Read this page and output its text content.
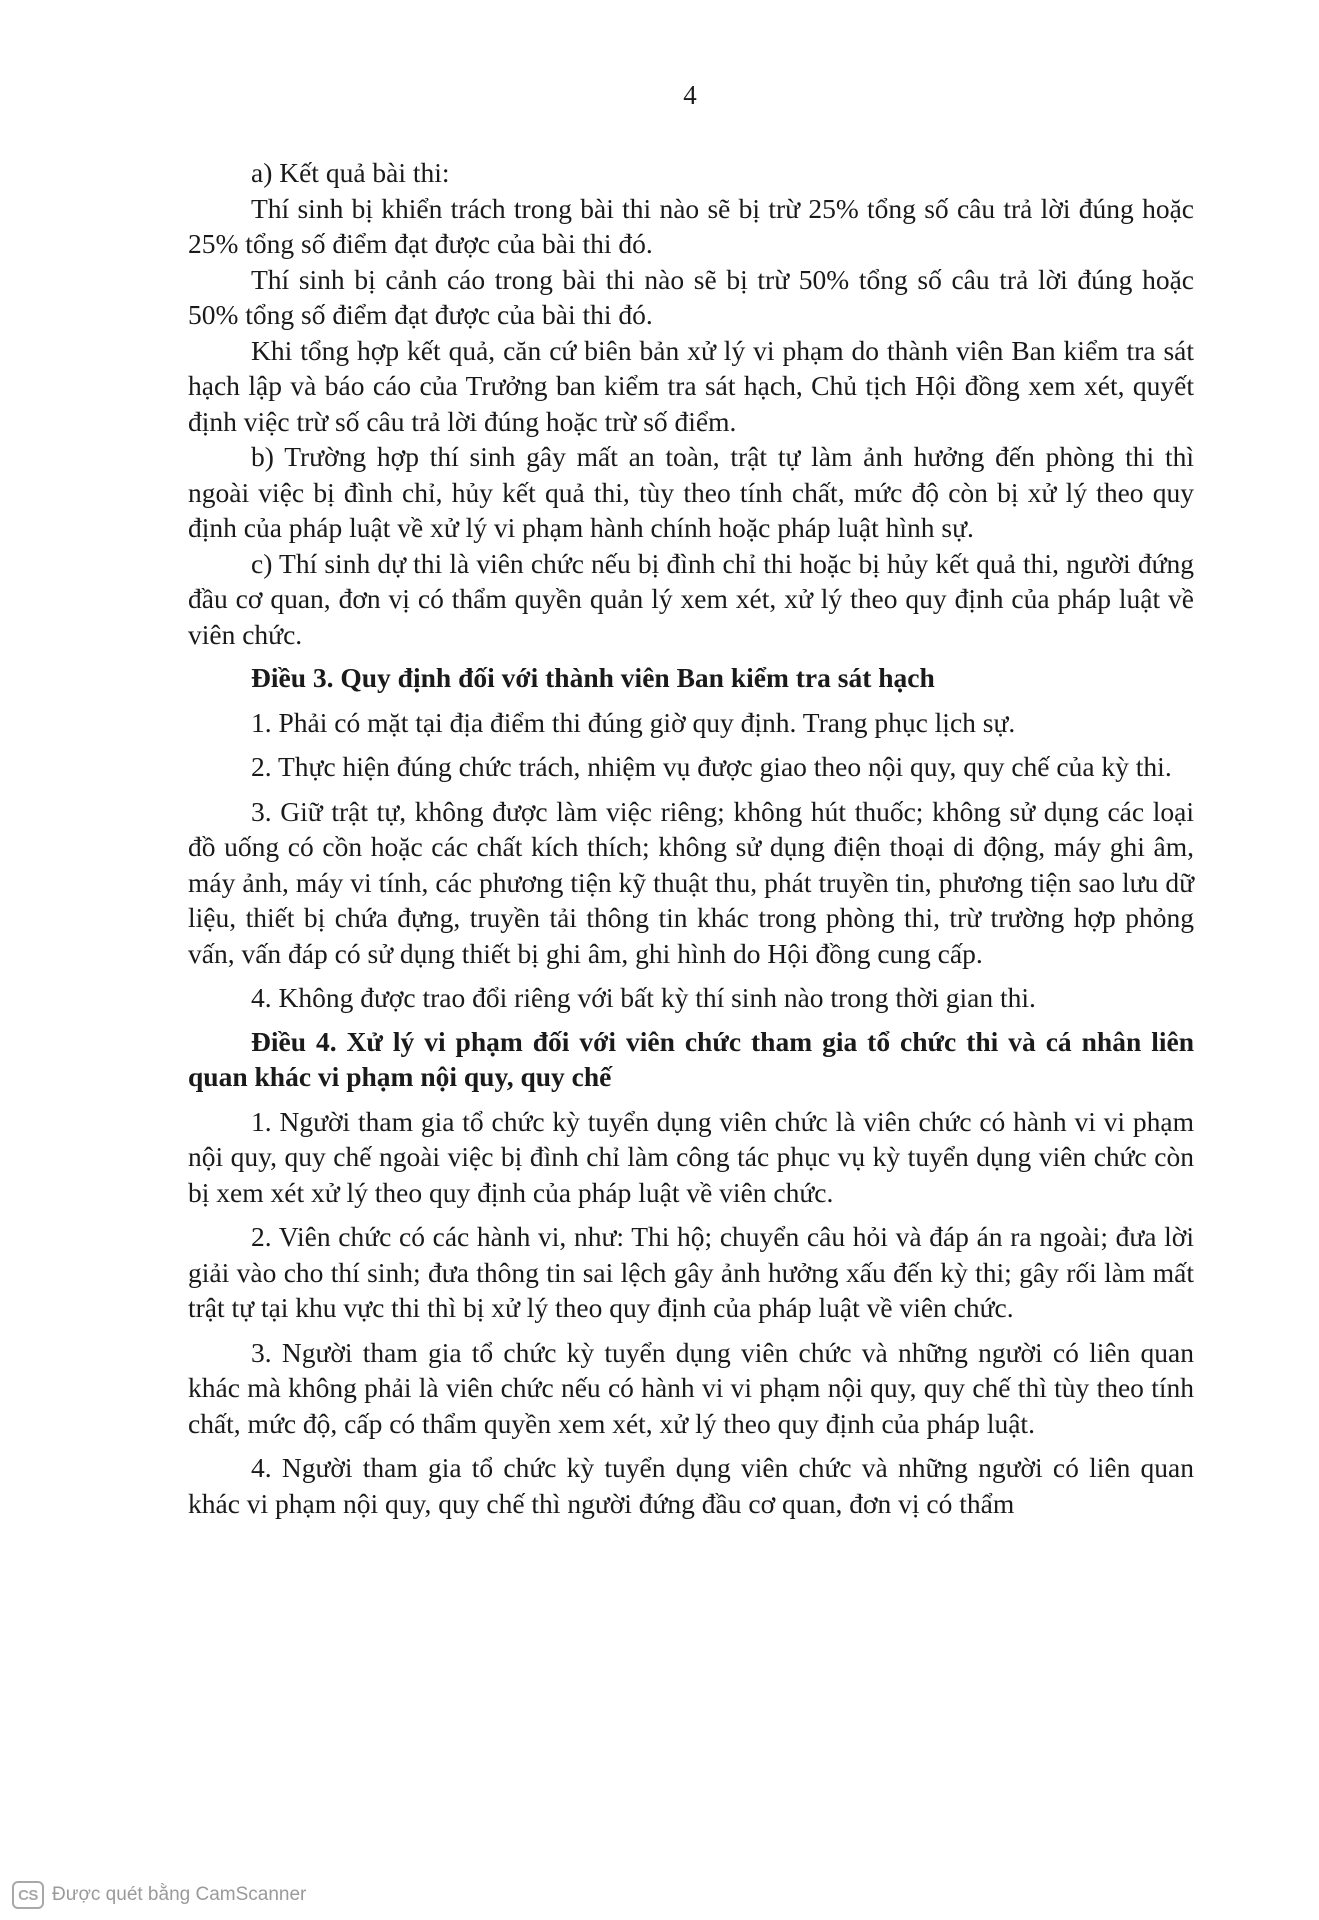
4

a) Kết quả bài thi:

Thí sinh bị khiển trách trong bài thi nào sẽ bị trừ 25% tổng số câu trả lời đúng hoặc 25% tổng số điểm đạt được của bài thi đó.

Thí sinh bị cảnh cáo trong bài thi nào sẽ bị trừ 50% tổng số câu trả lời đúng hoặc 50% tổng số điểm đạt được của bài thi đó.

Khi tổng hợp kết quả, căn cứ biên bản xử lý vi phạm do thành viên Ban kiểm tra sát hạch lập và báo cáo của Trưởng ban kiểm tra sát hạch, Chủ tịch Hội đồng xem xét, quyết định việc trừ số câu trả lời đúng hoặc trừ số điểm.

b) Trường hợp thí sinh gây mất an toàn, trật tự làm ảnh hưởng đến phòng thi thì ngoài việc bị đình chỉ, hủy kết quả thi, tùy theo tính chất, mức độ còn bị xử lý theo quy định của pháp luật về xử lý vi phạm hành chính hoặc pháp luật hình sự.

c) Thí sinh dự thi là viên chức nếu bị đình chỉ thi hoặc bị hủy kết quả thi, người đứng đầu cơ quan, đơn vị có thẩm quyền quản lý xem xét, xử lý theo quy định của pháp luật về viên chức.

Điều 3. Quy định đối với thành viên Ban kiểm tra sát hạch

1. Phải có mặt tại địa điểm thi đúng giờ quy định. Trang phục lịch sự.

2. Thực hiện đúng chức trách, nhiệm vụ được giao theo nội quy, quy chế của kỳ thi.

3. Giữ trật tự, không được làm việc riêng; không hút thuốc; không sử dụng các loại đồ uống có cồn hoặc các chất kích thích; không sử dụng điện thoại di động, máy ghi âm, máy ảnh, máy vi tính, các phương tiện kỹ thuật thu, phát truyền tin, phương tiện sao lưu dữ liệu, thiết bị chứa đựng, truyền tải thông tin khác trong phòng thi, trừ trường hợp phỏng vấn, vấn đáp có sử dụng thiết bị ghi âm, ghi hình do Hội đồng cung cấp.

4. Không được trao đổi riêng với bất kỳ thí sinh nào trong thời gian thi.

Điều 4. Xử lý vi phạm đối với viên chức tham gia tổ chức thi và cá nhân liên quan khác vi phạm nội quy, quy chế

1. Người tham gia tổ chức kỳ tuyển dụng viên chức là viên chức có hành vi vi phạm nội quy, quy chế ngoài việc bị đình chỉ làm công tác phục vụ kỳ tuyển dụng viên chức còn bị xem xét xử lý theo quy định của pháp luật về viên chức.

2. Viên chức có các hành vi, như: Thi hộ; chuyển câu hỏi và đáp án ra ngoài; đưa lời giải vào cho thí sinh; đưa thông tin sai lệch gây ảnh hưởng xấu đến kỳ thi; gây rối làm mất trật tự tại khu vực thi thì bị xử lý theo quy định của pháp luật về viên chức.

3. Người tham gia tổ chức kỳ tuyển dụng viên chức và những người có liên quan khác mà không phải là viên chức nếu có hành vi vi phạm nội quy, quy chế thì tùy theo tính chất, mức độ, cấp có thẩm quyền xem xét, xử lý theo quy định của pháp luật.

4. Người tham gia tổ chức kỳ tuyển dụng viên chức và những người có liên quan khác vi phạm nội quy, quy chế thì người đứng đầu cơ quan, đơn vị có thẩm

CS Được quét bằng CamScanner
